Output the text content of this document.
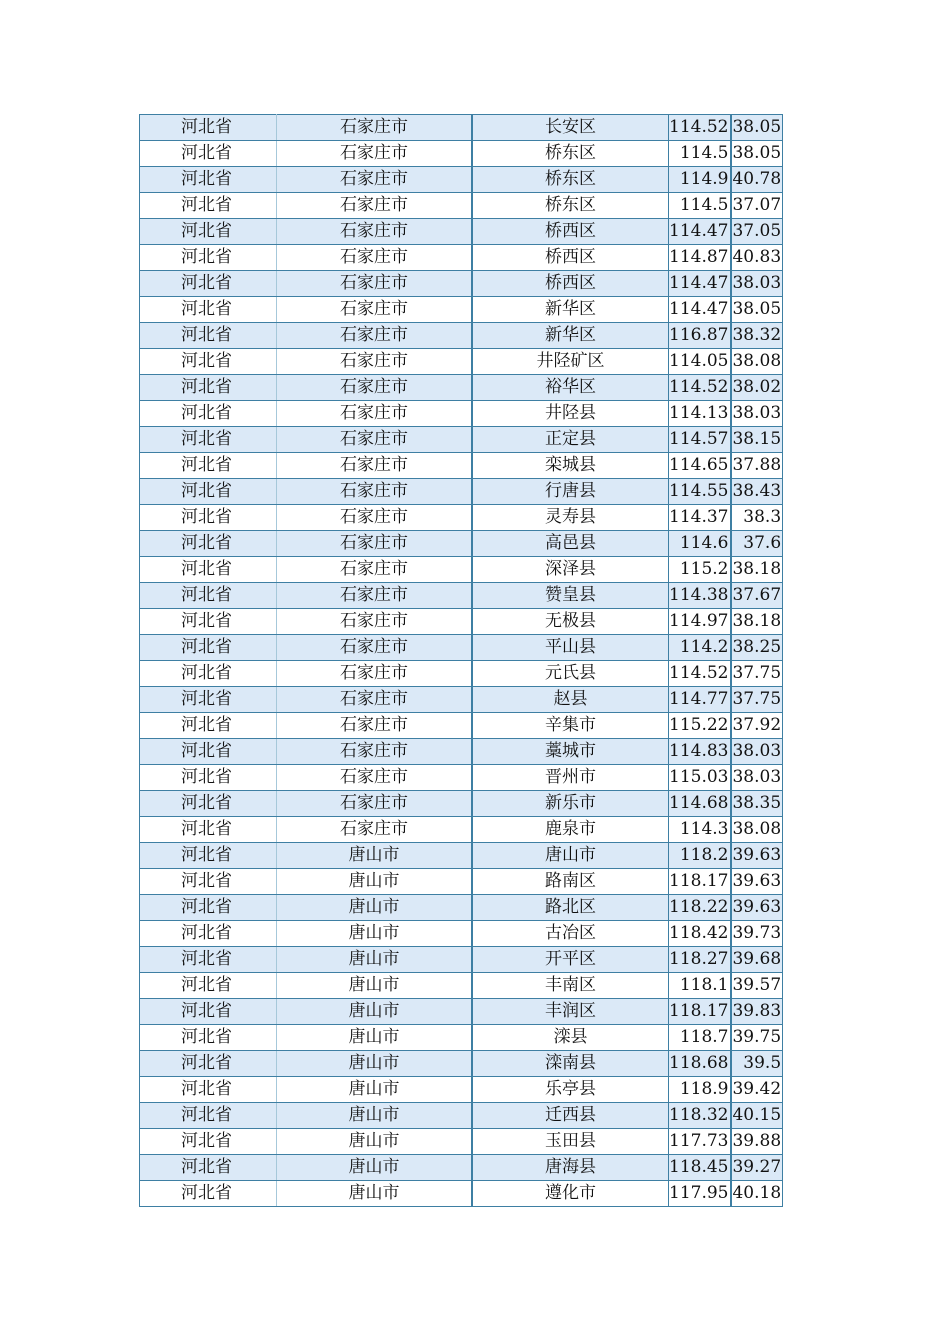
河北省	石家庄市	长安区	114.52	38.05
河北省	石家庄市	桥东区	114.5	38.05
河北省	石家庄市	桥东区	114.9	40.78
河北省	石家庄市	桥东区	114.5	37.07
河北省	石家庄市	桥西区	114.47	37.05
河北省	石家庄市	桥西区	114.87	40.83
河北省	石家庄市	桥西区	114.47	38.03
河北省	石家庄市	新华区	114.47	38.05
河北省	石家庄市	新华区	116.87	38.32
河北省	石家庄市	井陉矿区	114.05	38.08
河北省	石家庄市	裕华区	114.52	38.02
河北省	石家庄市	井陉县	114.13	38.03
河北省	石家庄市	正定县	114.57	38.15
河北省	石家庄市	栾城县	114.65	37.88
河北省	石家庄市	行唐县	114.55	38.43
河北省	石家庄市	灵寿县	114.37	38.3
河北省	石家庄市	高邑县	114.6	37.6
河北省	石家庄市	深泽县	115.2	38.18
河北省	石家庄市	赞皇县	114.38	37.67
河北省	石家庄市	无极县	114.97	38.18
河北省	石家庄市	平山县	114.2	38.25
河北省	石家庄市	元氏县	114.52	37.75
河北省	石家庄市	赵县	114.77	37.75
河北省	石家庄市	辛集市	115.22	37.92
河北省	石家庄市	藁城市	114.83	38.03
河北省	石家庄市	晋州市	115.03	38.03
河北省	石家庄市	新乐市	114.68	38.35
河北省	石家庄市	鹿泉市	114.3	38.08
河北省	唐山市	唐山市	118.2	39.63
河北省	唐山市	路南区	118.17	39.63
河北省	唐山市	路北区	118.22	39.63
河北省	唐山市	古冶区	118.42	39.73
河北省	唐山市	开平区	118.27	39.68
河北省	唐山市	丰南区	118.1	39.57
河北省	唐山市	丰润区	118.17	39.83
河北省	唐山市	滦县	118.7	39.75
河北省	唐山市	滦南县	118.68	39.5
河北省	唐山市	乐亭县	118.9	39.42
河北省	唐山市	迁西县	118.32	40.15
河北省	唐山市	玉田县	117.73	39.88
河北省	唐山市	唐海县	118.45	39.27
河北省	唐山市	遵化市	117.95	40.18
